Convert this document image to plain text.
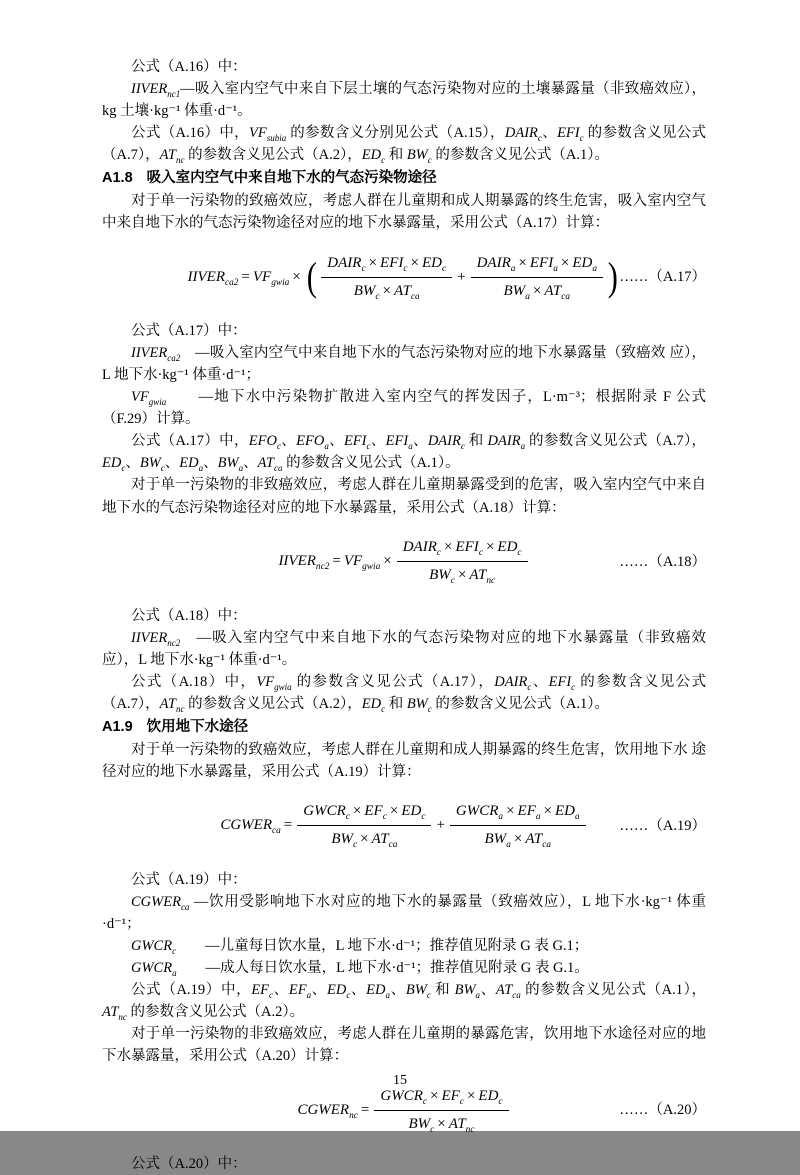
公式（A.16）中：

$IIVER_{nc1}—$吸入室内空气中来自下层土壤的气态污染物对应的土壤暴露量（非致癌效应），kg 土壤·kg⁻¹ 体重·d⁻¹。

公式（A.16）中，$VF_{subia}$ 的参数含义分别见公式（A.15），$DAIR_c$、$EFI_c$ 的参数含义见公式（A.7），$AT_{nc}$ 的参数含义见公式（A.2），$ED_c$ 和 $BW_c$ 的参数含义见公式（A.1）。

A1.8 吸入室内空气中来自地下水的气态污染物途径

对于单一污染物的致癌效应，考虑人群在儿童期和成人期暴露的终生危害，吸入室内空气中来自地下水的气态污染物途径对应的地下水暴露量，采用公式（A.17）计算：

$IIVER_{ca2} = VF_{gwia}$ × ( $\frac{DAIR_c \times EFI_c \times ED_c}{BW_c \times AT_{ca}} + \frac{DAIR_a \times EFI_a \times ED_a}{BW_a \times AT_{ca}}$ ) ……（A.17）

公式（A.17）中：

$IIVER_{ca2}$　—吸入室内空气中来自地下水的气态污染物对应的地下水暴露量（致癌效 应），L 地下水·kg⁻¹ 体重·d⁻¹；

$VF_{gwia}$　　—地下水中污染物扩散进入室内空气的挥发因子，L·m⁻³；根据附录 F 公式（F.29）计算。

公式（A.17）中，$EFO_c$、$EFO_a$、$EFI_c$、$EFI_a$、$DAIR_c$ 和 $DAIR_a$ 的参数含义见公式（A.7），$ED_c$、$BW_c$、$ED_a$、$BW_a$、$AT_{ca}$ 的参数含义见公式（A.1）。

对于单一污染物的非致癌效应，考虑人群在儿童期暴露受到的危害，吸入室内空气中来自地下水的气态污染物途径对应的地下水暴露量，采用公式（A.18）计算：

$IIVER_{nc2} = VF_{gwia} \times \frac{DAIR_c \times EFI_c \times ED_c}{BW_c \times AT_{nc}}$	……（A.18）

公式（A.18）中：

$IIVER_{nc2}$　—吸入室内空气中来自地下水的气态污染物对应的地下水暴露量（非致癌效应），L 地下水·kg⁻¹ 体重·d⁻¹。

公式（A.18）中，$VF_{gwia}$ 的参数含义见公式（A.17），$DAIR_c$、$EFI_c$ 的参数含义见公式（A.7），$AT_{nc}$ 的参数含义见公式（A.2），$ED_c$ 和 $BW_c$ 的参数含义见公式（A.1）。

A1.9 饮用地下水途径

对于单一污染物的致癌效应，考虑人群在儿童期和成人期暴露的终生危害，饮用地下水 途径对应的地下水暴露量，采用公式（A.19）计算：

$CGWER_{ca} = \frac{GWCR_c \times EF_c \times ED_c}{BW_c \times AT_{ca}} + \frac{GWCR_a \times EF_a \times ED_a}{BW_a \times AT_{ca}}$ ……（A.19）

公式（A.19）中：

$CGWER_{ca}$ —饮用受影响地下水对应的地下水的暴露量（致癌效应），L 地下水·kg⁻¹ 体重·d⁻¹；

$GWCR_c$　　—儿童每日饮水量，L 地下水·d⁻¹；推荐值见附录 G 表 G.1；

$GWCR_a$　　—成人每日饮水量，L 地下水·d⁻¹；推荐值见附录 G 表 G.1。

公式（A.19）中，$EF_c$、$EF_a$、$ED_c$、$ED_a$、$BW_c$ 和 $BW_a$、$AT_{ca}$ 的参数含义见公式（A.1），$AT_{nc}$ 的参数含义见公式（A.2）。

对于单一污染物的非致癌效应，考虑人群在儿童期的暴露危害，饮用地下水途径对应的地下水暴露量，采用公式（A.20）计算：

$CGWER_{nc} = \frac{GWCR_c \times EF_c \times ED_c}{BW_c \times AT_{nc}}$	……（A.20）

公式（A.20）中：

15
